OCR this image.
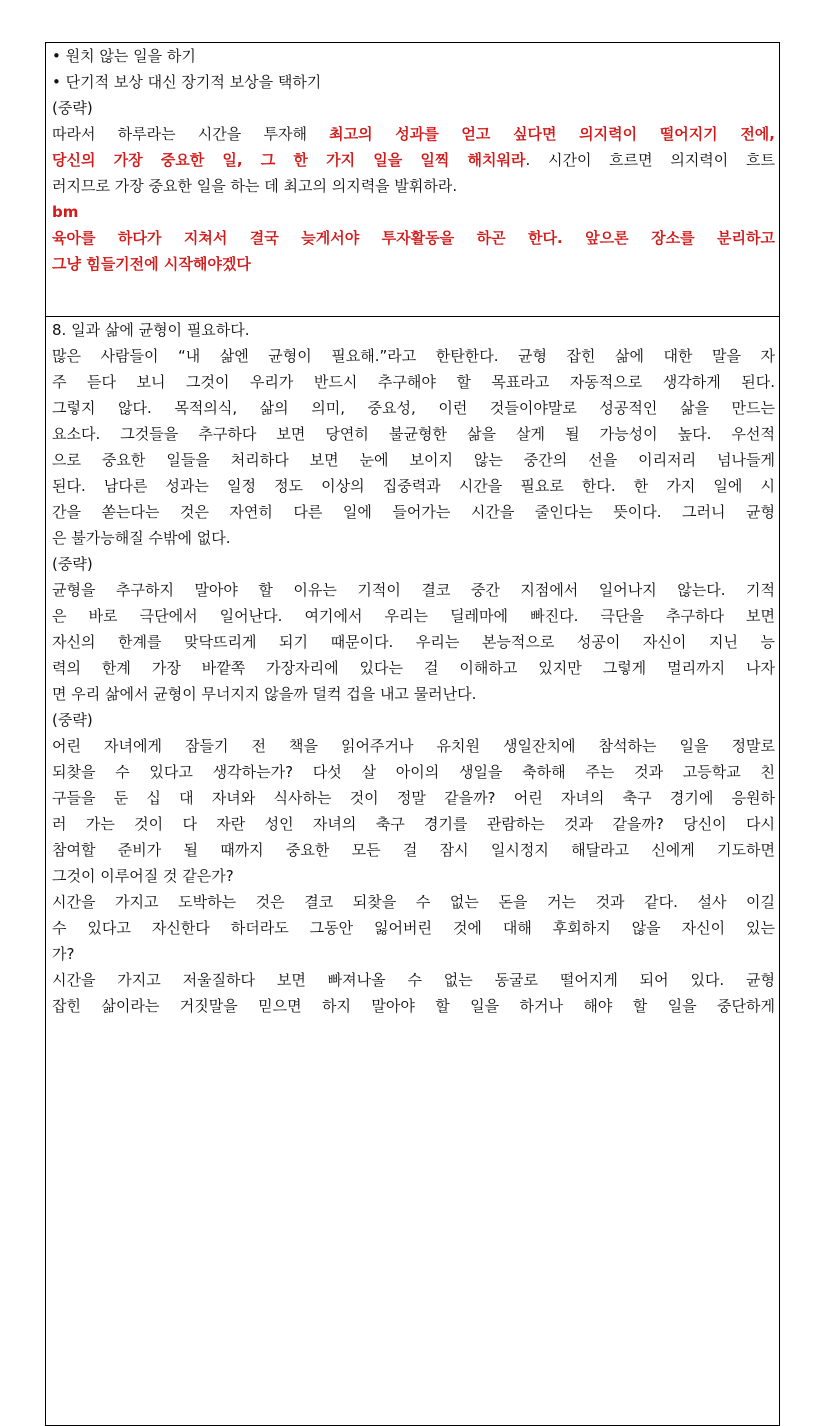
• 원치 않는 일을 하기
• 단기적 보상 대신 장기적 보상을 택하기
(중략)
따라서 하루라는 시간을 투자해 최고의 성과를 얻고 싶다면 의지력이 떨어지기 전에,
당신의 가장 중요한 일, 그 한 가지 일을 일찍 해치워라. 시간이 흐르면 의지력이 흐트
러지므로 가장 중요한 일을 하는 데 최고의 의지력을 발휘하라.
bm
육아를 하다가 지쳐서 결국 늦게서야 투자활동을 하곤 한다. 앞으론 장소를 분리하고
그냥 힘들기전에 시작해야겠다
8. 일과 삶에 균형이 필요하다.
많은 사람들이 “내 삶엔 균형이 필요해.”라고 한탄한다. 균형 잡힌 삶에 대한 말을 자
주 듣다 보니 그것이 우리가 반드시 추구해야 할 목표라고 자동적으로 생각하게 된다.
그렇지 않다. 목적의식, 삶의 의미, 중요성, 이런 것들이야말로 성공적인 삶을 만드는
요소다. 그것들을 추구하다 보면 당연히 불균형한 삶을 살게 될 가능성이 높다. 우선적
으로 중요한 일들을 처리하다 보면 눈에 보이지 않는 중간의 선을 이리저리 넘나들게
된다. 남다른 성과는 일정 정도 이상의 집중력과 시간을 필요로 한다. 한 가지 일에 시
간을 쏟는다는 것은 자연히 다른 일에 들어가는 시간을 줄인다는 뜻이다. 그러니 균형
은 불가능해질 수밖에 없다.
(중략)
균형을 추구하지 말아야 할 이유는 기적이 결코 중간 지점에서 일어나지 않는다. 기적
은 바로 극단에서 일어난다. 여기에서 우리는 딜레마에 빠진다. 극단을 추구하다 보면
자신의 한계를 맞닥뜨리게 되기 때문이다. 우리는 본능적으로 성공이 자신이 지닌 능
력의 한계 가장 바깥쪽 가장자리에 있다는 걸 이해하고 있지만 그렇게 멀리까지 나자
면 우리 삶에서 균형이 무너지지 않을까 덜컥 겁을 내고 물러난다.
(중략)
어린 자녀에게 잠들기 전 책을 읽어주거나 유치원 생일잔치에 참석하는 일을 정말로
되찾을 수 있다고 생각하는가? 다섯 살 아이의 생일을 축하해 주는 것과 고등학교 친
구들을 둔 십 대 자녀와 식사하는 것이 정말 같을까? 어린 자녀의 축구 경기에 응원하
러 가는 것이 다 자란 성인 자녀의 축구 경기를 관람하는 것과 같을까? 당신이 다시
참여할 준비가 될 때까지 중요한 모든 걸 잠시 일시정지 해달라고 신에게 기도하면
그것이 이루어질 것 같은가?
시간을 가지고 도박하는 것은 결코 되찾을 수 없는 돈을 거는 것과 같다. 설사 이길
수 있다고 자신한다 하더라도 그동안 잃어버린 것에 대해 후회하지 않을 자신이 있는
가?
시간을 가지고 저울질하다 보면 빠져나올 수 없는 동굴로 떨어지게 되어 있다. 균형
잡힌 삶이라는 거짓말을 믿으면 하지 말아야 할 일을 하거나 해야 할 일을 중단하게
